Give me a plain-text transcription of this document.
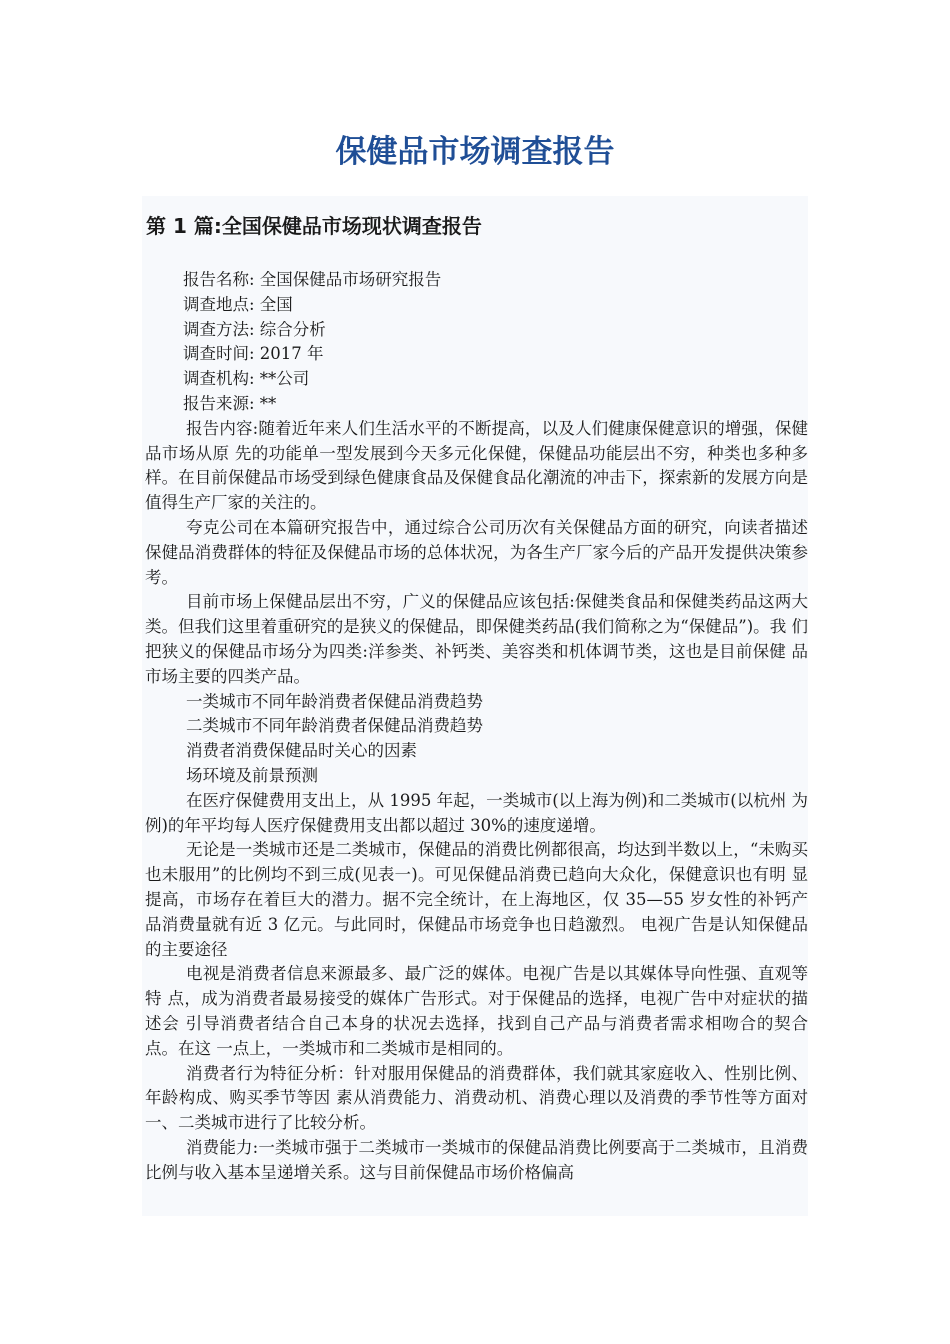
保健品市场调查报告
第 1 篇:全国保健品市场现状调查报告
报告名称: 全国保健品市场研究报告
调查地点: 全国
调查方法: 综合分析
调查时间: 2017 年
调查机构: **公司
报告来源: **

报告内容:随着近年来人们生活水平的不断提高，以及人们健康保健意识的增强，保健品市场从原 先的功能单一型发展到今天多元化保健，保健品功能层出不穷，种类也多种多样。在目前保健品市场受到绿色健康食品及保健食品化潮流的冲击下，探索新的发展方向是值得生产厂家的关注的。

夸克公司在本篇研究报告中，通过综合公司历次有关保健品方面的研究，向读者描述保健品消费群体的特征及保健品市场的总体状况，为各生产厂家今后的产品开发提供决策参考。

目前市场上保健品层出不穷，广义的保健品应该包括:保健类食品和保健类药品这两大 类。但我们这里着重研究的是狭义的保健品，即保健类药品(我们简称之为“保健品”)。我 们把狭义的保健品市场分为四类:洋参类、补钙类、美容类和机体调节类，这也是目前保健 品市场主要的四类产品。

一类城市不同年龄消费者保健品消费趋势

二类城市不同年龄消费者保健品消费趋势

消费者消费保健品时关心的因素

场环境及前景预测

在医疗保健费用支出上，从 1995 年起，一类城市(以上海为例)和二类城市(以杭州 为例)的年平均每人医疗保健费用支出都以超过 30%的速度递增。

无论是一类城市还是二类城市，保健品的消费比例都很高，均达到半数以上，“未购买 也未服用”的比例均不到三成(见表一)。可见保健品消费已趋向大众化，保健意识也有明 显提高，市场存在着巨大的潜力。据不完全统计，在上海地区，仅 35—55 岁女性的补钙产 品消费量就有近 3 亿元。与此同时，保健品市场竞争也日趋激烈。 电视广告是认知保健品的主要途径

电视是消费者信息来源最多、最广泛的媒体。电视广告是以其媒体导向性强、直观等特 点，成为消费者最易接受的媒体广告形式。对于保健品的选择，电视广告中对症状的描述会 引导消费者结合自己本身的状况去选择，找到自己产品与消费者需求相吻合的契合点。在这 一点上，一类城市和二类城市是相同的。

消费者行为特征分析：针对服用保健品的消费群体，我们就其家庭收入、性别比例、年龄构成、购买季节等因 素从消费能力、消费动机、消费心理以及消费的季节性等方面对一、二类城市进行了比较分析。

消费能力:一类城市强于二类城市一类城市的保健品消费比例要高于二类城市，且消费 比例与收入基本呈递增关系。这与目前保健品市场价格偏高
